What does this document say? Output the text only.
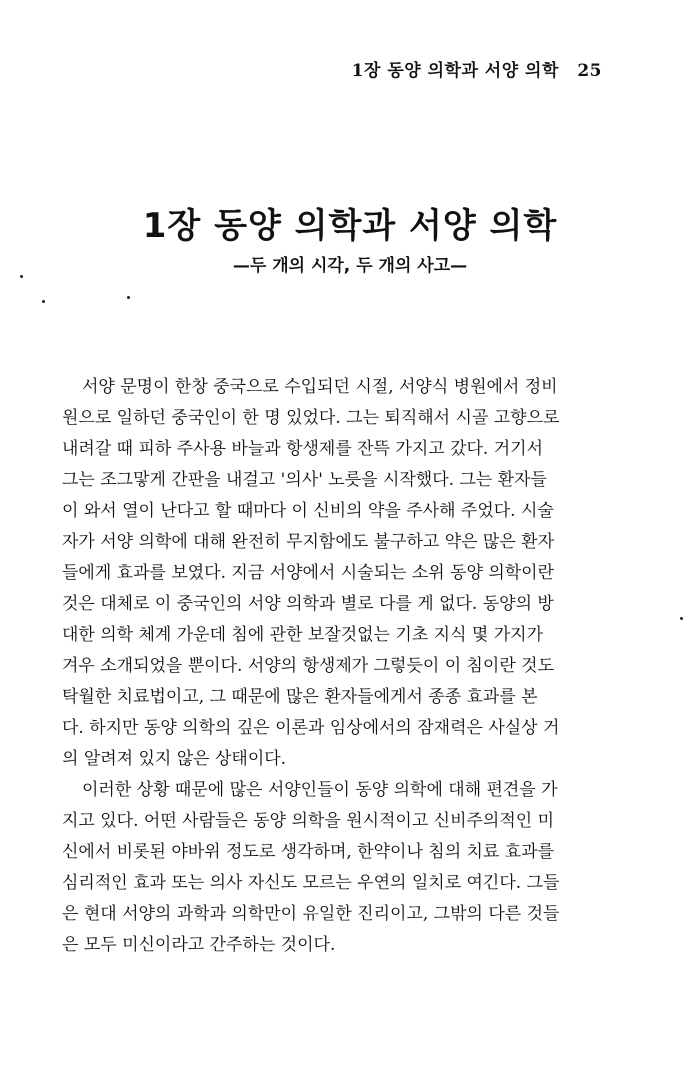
1장 동양 의학과 서양 의학 25
1장 동양 의학과 서양 의학
—두 개의 시각, 두 개의 사고—
서양 문명이 한창 중국으로 수입되던 시절, 서양식 병원에서 정비
원으로 일하던 중국인이 한 명 있었다. 그는 퇴직해서 시골 고향으로
내려갈 때 피하 주사용 바늘과 항생제를 잔뜩 가지고 갔다. 거기서
그는 조그맣게 간판을 내걸고 '의사' 노릇을 시작했다. 그는 환자들
이 와서 열이 난다고 할 때마다 이 신비의 약을 주사해 주었다. 시술
자가 서양 의학에 대해 완전히 무지함에도 불구하고 약은 많은 환자
들에게 효과를 보였다. 지금 서양에서 시술되는 소위 동양 의학이란
것은 대체로 이 중국인의 서양 의학과 별로 다를 게 없다. 동양의 방
대한 의학 체계 가운데 침에 관한 보잘것없는 기초 지식 몇 가지가
겨우 소개되었을 뿐이다. 서양의 항생제가 그렇듯이 이 침이란 것도
탁월한 치료법이고, 그 때문에 많은 환자들에게서 종종 효과를 본
다. 하지만 동양 의학의 깊은 이론과 임상에서의 잠재력은 사실상 거
의 알려져 있지 않은 상태이다.
이러한 상황 때문에 많은 서양인들이 동양 의학에 대해 편견을 가
지고 있다. 어떤 사람들은 동양 의학을 원시적이고 신비주의적인 미
신에서 비롯된 야바위 정도로 생각하며, 한약이나 침의 치료 효과를
심리적인 효과 또는 의사 자신도 모르는 우연의 일치로 여긴다. 그들
은 현대 서양의 과학과 의학만이 유일한 진리이고, 그밖의 다른 것들
은 모두 미신이라고 간주하는 것이다.
